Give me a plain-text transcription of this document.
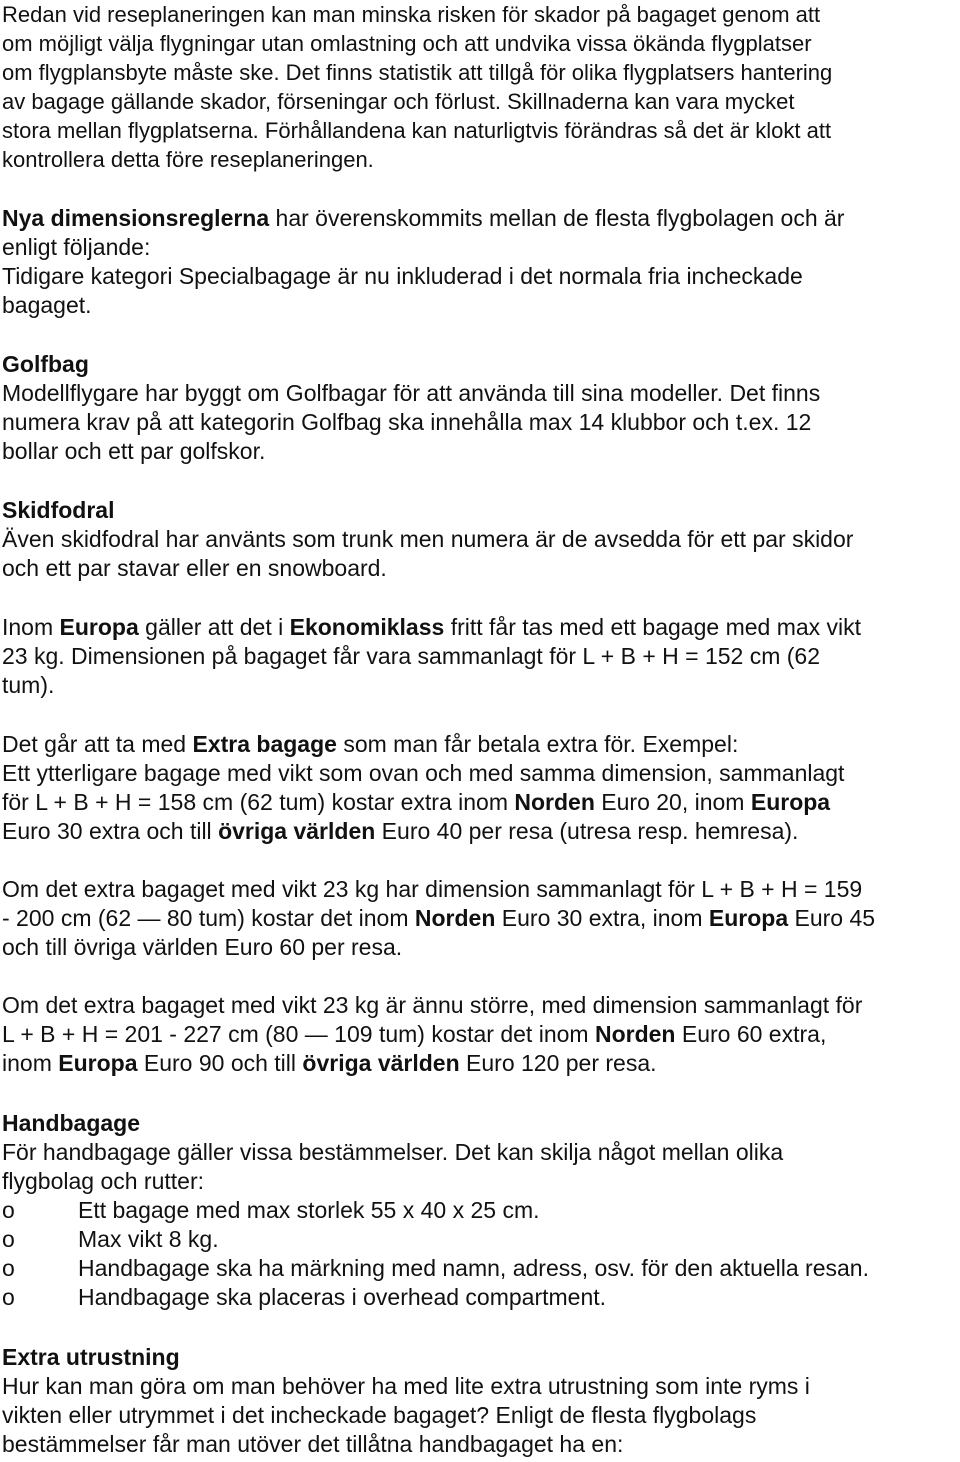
Redan vid reseplaneringen kan man minska risken för skador på bagaget genom att
om möjligt välja flygningar utan omlastning och att undvika vissa ökända flygplatser
om flygplansbyte måste ske. Det finns statistik att tillgå för olika flygplatsers hantering
av bagage gällande skador, förseningar och förlust. Skillnaderna kan vara mycket
stora mellan flygplatserna. Förhållandena kan naturligtvis förändras så det är klokt att
kontrollera detta före reseplaneringen.

Nya dimensionsreglerna har överenskommits mellan de flesta flygbolagen och är
enligt följande:
Tidigare kategori Specialbagage är nu inkluderad i det normala fria incheckade
bagaget.

Golfbag
Modellflygare har byggt om Golfbagar för att använda till sina modeller. Det finns
numera krav på att kategorin Golfbag ska innehålla max 14 klubbor och t.ex. 12
bollar och ett par golfskor.
Skidfodral
Även skidfodral har använts som trunk men numera är de avsedda för ett par skidor
och ett par stavar eller en snowboard.

Inom Europa gäller att det i Ekonomiklass fritt får tas med ett bagage med max vikt
23 kg. Dimensionen på bagaget får vara sammanlagt för L + B + H = 152 cm (62
tum).

Det går att ta med Extra bagage som man får betala extra för. Exempel:
Ett ytterligare bagage med vikt som ovan och med samma dimension, sammanlagt
för L + B + H = 158 cm (62 tum) kostar extra inom Norden Euro 20, inom Europa
Euro 30 extra och till övriga världen Euro 40 per resa (utresa resp. hemresa).

Om det extra bagaget med vikt 23 kg har dimension sammanlagt för L + B + H = 159
- 200 cm (62 — 80 tum) kostar det inom Norden Euro 30 extra, inom Europa Euro 45
och till övriga världen Euro 60 per resa.

Om det extra bagaget med vikt 23 kg är ännu större, med dimension sammanlagt för
L + B + H = 201 - 227 cm (80 — 109 tum) kostar det inom Norden Euro 60 extra,
inom Europa Euro 90 och till övriga världen Euro 120 per resa.

Handbagage
För handbagage gäller vissa bestämmelser. Det kan skilja något mellan olika
flygbolag och rutter:
o	Ett bagage med max storlek 55 x 40 x 25 cm.
o	Max vikt 8 kg.
o	Handbagage ska ha märkning med namn, adress, osv. för den aktuella resan.
o	Handbagage ska placeras i overhead compartment.
Extra utrustning
Hur kan man göra om man behöver ha med lite extra utrustning som inte ryms i
vikten eller utrymmet i det incheckade bagaget? Enligt de flesta flygbolags
bestämmelser får man utöver det tillåtna handbagaget ha en:
